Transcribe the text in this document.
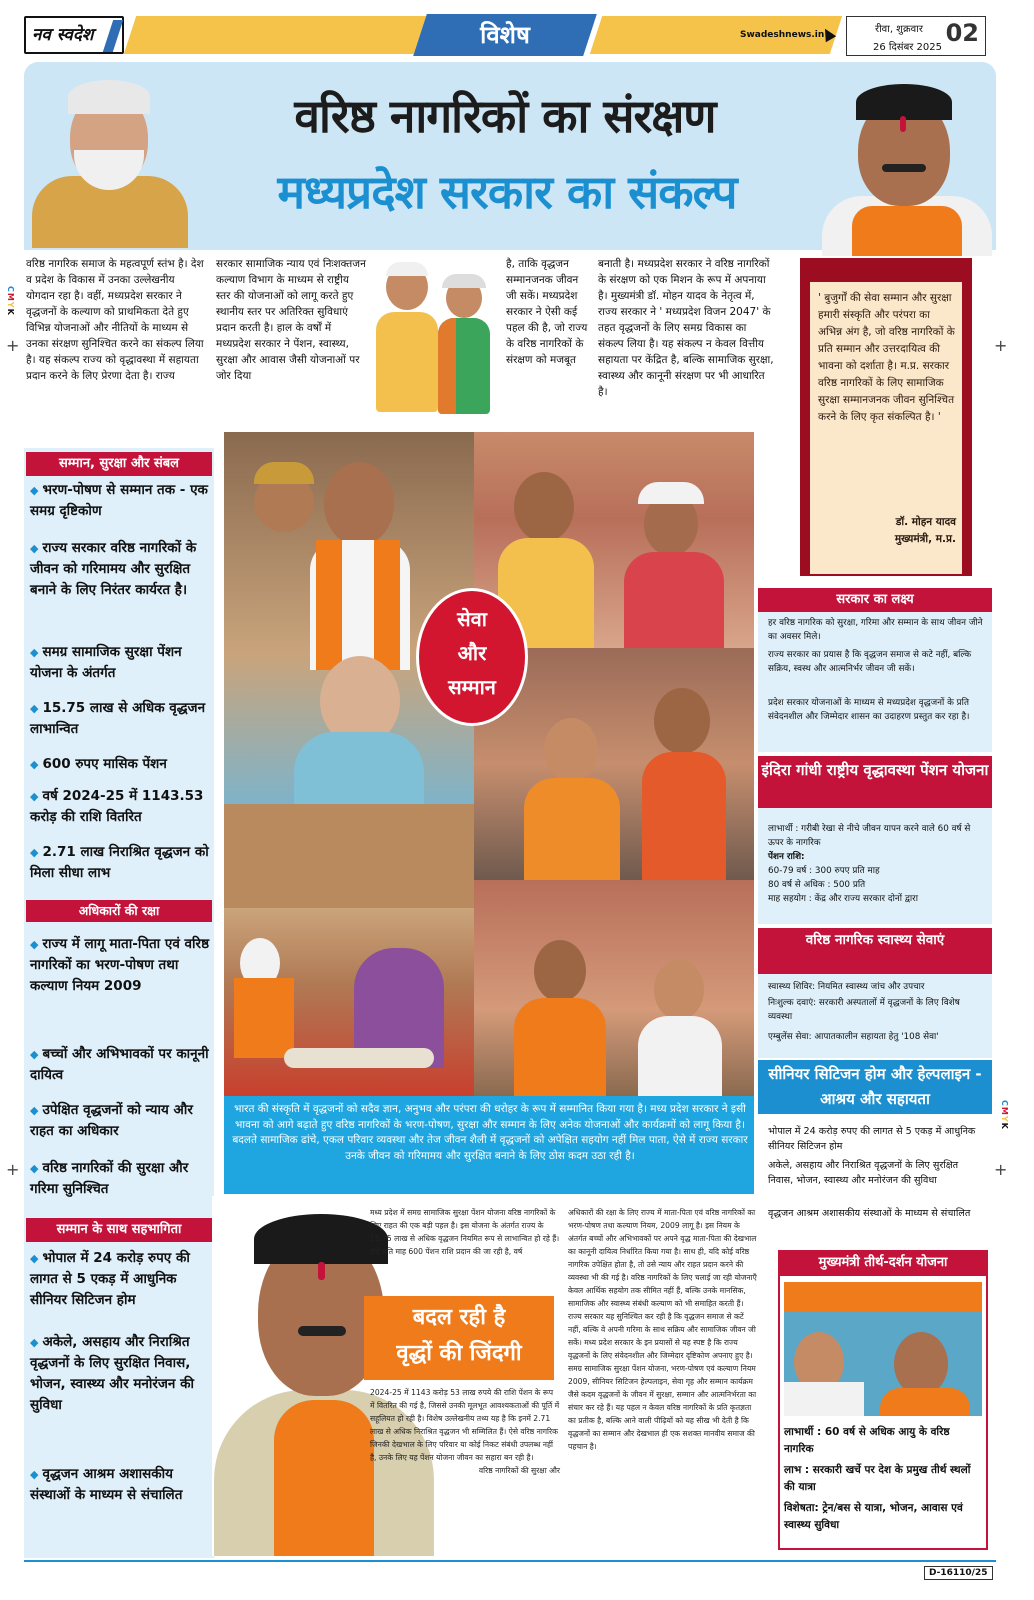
नव स्वदेश	विशेष	Swadeshnews.in	रीवा, शुक्रवार
26 दिसंबर 2025
02
वरिष्ठ नागरिकों का संरक्षण
मध्यप्रदेश सरकार का संकल्प
वरिष्ठ नागरिक समाज के महत्वपूर्ण स्तंभ है। देश व प्रदेश के विकास में उनका उल्लेखनीय योगदान रहा है। वहीं, मध्यप्रदेश सरकार ने वृद्धजनों के कल्याण को प्राथमिकता देते हुए विभिन्न योजनाओं और नीतियों के माध्यम से उनका संरक्षण सुनिश्चित करने का संकल्प लिया है। यह संकल्प राज्य को वृद्धावस्था में सहायता प्रदान करने के लिए प्रेरणा देता है। राज्य
सरकार सामाजिक न्याय एवं निःशक्तजन कल्याण विभाग के माध्यम से राष्ट्रीय स्तर की योजनाओं को लागू करते हुए स्थानीय स्तर पर अतिरिक्त सुविधाएं प्रदान करती है। हाल के वर्षों में मध्यप्रदेश सरकार ने पेंशन, स्वास्थ्य, सुरक्षा और आवास जैसी योजनाओं पर जोर दिया
है, ताकि वृद्धजन सम्मानजनक जीवन जी सकें। मध्यप्रदेश सरकार ने ऐसी कई पहल की है, जो राज्य के वरिष्ठ नागरिकों के संरक्षण को मजबूत
बनाती है। मध्यप्रदेश सरकार ने वरिष्ठ नागरिकों के संरक्षण को एक मिशन के रूप में अपनाया है। मुख्यमंत्री डॉ. मोहन यादव के नेतृत्व में, राज्य सरकार ने ' मध्यप्रदेश विजन 2047' के तहत वृद्धजनों के लिए समग्र विकास का संकल्प लिया है। यह संकल्प न केवल वित्तीय सहायता पर केंद्रित है, बल्कि सामाजिक सुरक्षा, स्वास्थ्य और कानूनी संरक्षण पर भी आधारित है।
' बुजुर्गों की सेवा सम्मान और सुरक्षा हमारी संस्कृति और परंपरा का अभिन्न अंग है, जो वरिष्ठ नागरिकों के प्रति सम्मान और उत्तरदायित्व की भावना को दर्शाता है। म.प्र. सरकार वरिष्ठ नागरिकों के लिए सामाजिक सुरक्षा सम्मानजनक जीवन सुनिश्चित करने के लिए कृत संकल्पित है। '
डॉ. मोहन यादव
मुख्यमंत्री, म.प्र.
सम्मान, सुरक्षा और संबल
◆ भरण-पोषण से सम्मान तक - एक समग्र दृष्टिकोण
◆ राज्य सरकार वरिष्ठ नागरिकों के जीवन को गरिमामय और सुरक्षित बनाने के लिए निरंतर कार्यरत है।
◆ समग्र सामाजिक सुरक्षा पेंशन योजना के अंतर्गत
◆ 15.75 लाख से अधिक वृद्धजन लाभान्वित
◆ 600 रुपए मासिक पेंशन
◆ वर्ष 2024-25 में 1143.53 करोड़ की राशि वितरित
◆ 2.71 लाख निराश्रित वृद्धजन को मिला सीधा लाभ
अधिकारों की रक्षा
◆ राज्य में लागू माता-पिता एवं वरिष्ठ नागरिकों का भरण-पोषण तथा कल्याण नियम 2009
◆ बच्चों और अभिभावकों पर कानूनी दायित्व
◆ उपेक्षित वृद्धजनों को न्याय और राहत का अधिकार
◆ वरिष्ठ नागरिकों की सुरक्षा और गरिमा सुनिश्चित
सम्मान के साथ सहभागिता
◆ भोपाल में 24 करोड़ रुपए की लागत से 5 एकड़ में आधुनिक सीनियर सिटिजन होम
◆ अकेले, असहाय और निराश्रित वृद्धजनों के लिए सुरक्षित निवास, भोजन, स्वास्थ्य और मनोरंजन की सुविधा
◆ वृद्धजन आश्रम अशासकीय संस्थाओं के माध्यम से संचालित
सेवा
और
सम्मान
भारत की संस्कृति में वृद्धजनों को सदैव ज्ञान, अनुभव और परंपरा की धरोहर के रूप में सम्मानित किया गया है। मध्य प्रदेश सरकार ने इसी भावना को आगे बढ़ाते हुए वरिष्ठ नागरिकों के भरण-पोषण, सुरक्षा और सम्मान के लिए अनेक योजनाओं और कार्यक्रमों को लागू किया है। बदलते सामाजिक ढांचे, एकल परिवार व्यवस्था और तेज जीवन शैली में वृद्धजनों को अपेक्षित सहयोग नहीं मिल पाता, ऐसे में राज्य सरकार उनके जीवन को गरिमामय और सुरक्षित बनाने के लिए ठोस कदम उठा रही है।
मध्य प्रदेश में समग्र सामाजिक सुरक्षा पेंशन योजना वरिष्ठ नागरिकों के लिए राहत की एक बड़ी पहल है। इस योजना के अंतर्गत राज्य के 15.75 लाख से अधिक वृद्धजन नियमित रूप से लाभान्वित हो रहे हैं। इन्हें प्रति माह 600 पेंशन राशि प्रदान की जा रही है, वर्ष
बदल रही है
वृद्धों की जिंदगी
2024-25 में 1143 करोड़ 53 लाख रुपये की राशि पेंशन के रूप में वितरित की गई है, जिससे उनकी मूलभूत आवश्यकताओं की पूर्ति में सहूलियत हो रही है। विशेष उल्लेखनीय तथ्य यह है कि इनमें 2.71 लाख से अधिक निराश्रित वृद्धजन भी सम्मिलित हैं। ऐसे वरिष्ठ नागरिक जिनकी देखभाल के लिए परिवार या कोई निकट संबंधी उपलब्ध नहीं है, उनके लिए यह पेंशन योजना जीवन का सहारा बन रही है।
वरिष्ठ नागरिकों की सुरक्षा और
अधिकारों की रक्षा के लिए राज्य में माता-पिता एवं वरिष्ठ नागरिकों का भरण-पोषण तथा कल्याण नियम, 2009 लागू है। इस नियम के अंतर्गत बच्चों और अभिभावकों पर अपने वृद्ध माता-पिता की देखभाल का कानूनी दायित्व निर्धारित किया गया है। साथ ही, यदि कोई वरिष्ठ नागरिक उपेक्षित होता है, तो उसे न्याय और राहत प्रदान करने की व्यवस्था भी की गई है। वरिष्ठ नागरिकों के लिए चलाई जा रही योजनाएँ केवल आर्थिक सहयोग तक सीमित नहीं हैं, बल्कि उनके मानसिक, सामाजिक और स्वास्थ्य संबंधी कल्याण को भी समाहित करती हैं। राज्य सरकार यह सुनिश्चित कर रही है कि वृद्धजन समाज से कटें नहीं, बल्कि वे अपनी गरिमा के साथ सक्रिय और सामाजिक जीवन जी सकें। मध्य प्रदेश सरकार के इन प्रयासों से यह स्पष्ट है कि राज्य वृद्धजनों के लिए संवेदनशील और जिम्मेदार दृष्टिकोण अपनाए हुए है। समग्र सामाजिक सुरक्षा पेंशन योजना, भरण-पोषण एवं कल्याण नियम 2009, सीनियर सिटिजन हेल्पलाइन, सेवा गृह और सम्मान कार्यक्रम जैसे कदम वृद्धजनों के जीवन में सुरक्षा, सम्मान और आत्मनिर्भरता का संचार कर रहे हैं। यह पहल न केवल वरिष्ठ नागरिकों के प्रति कृतज्ञता का प्रतीक है, बल्कि आने वाली पीढ़ियों को यह सीख भी देती है कि वृद्धजनों का सम्मान और देखभाल ही एक सशक्त मानवीय समाज की पहचान है।
सरकार का लक्ष्य
हर वरिष्ठ नागरिक को सुरक्षा, गरिमा और सम्मान के साथ जीवन जीने का अवसर मिले।
राज्य सरकार का प्रयास है कि वृद्धजन समाज से कटे नहीं, बल्कि सक्रिय, स्वस्थ और आत्मनिर्भर जीवन जी सकें।
प्रदेश सरकार योजनाओं के माध्यम से मध्यप्रदेश वृद्धजनों के प्रति संवेदनशील और जिम्मेदार शासन का उदाहरण प्रस्तुत कर रहा है।
इंदिरा गांधी राष्ट्रीय वृद्धावस्था पेंशन योजना
लाभार्थी : गरीबी रेखा से नीचे जीवन यापन करने वाले 60 वर्ष से ऊपर के नागरिक
पेंशन राशि:
60-79 वर्ष : 300 रुपए प्रति माह
80 वर्ष से अधिक : 500 प्रति
माह सहयोग : केंद्र और राज्य सरकार दोनों द्वारा
वरिष्ठ नागरिक स्वास्थ्य सेवाएं
स्वास्थ्य शिविर: नियमित स्वास्थ्य जांच और उपचार
निःशुल्क दवाएं: सरकारी अस्पतालों में वृद्धजनों के लिए विशेष व्यवस्था
एम्बुलेंस सेवा: आपातकालीन सहायता हेतु '108 सेवा'
सीनियर सिटिजन होम और हेल्पलाइन - आश्रय और सहायता
भोपाल में 24 करोड़ रुपए की लागत से 5 एकड़ में आधुनिक सीनियर सिटिजन होम
अकेले, असहाय और निराश्रित वृद्धजनों के लिए सुरक्षित निवास, भोजन, स्वास्थ्य और मनोरंजन की सुविधा
वृद्धजन आश्रम अशासकीय संस्थाओं के माध्यम से संचालित
मुख्यमंत्री तीर्थ-दर्शन योजना
लाभार्थी : 60 वर्ष से अधिक आयु के वरिष्ठ नागरिक
लाभ : सरकारी खर्चे पर देश के प्रमुख तीर्थ स्थलों की यात्रा
विशेषता: ट्रेन/बस से यात्रा, भोजन, आवास एवं स्वास्थ्य सुविधा
D-16110/25
+	+
+	+
CMYK
CMYK
